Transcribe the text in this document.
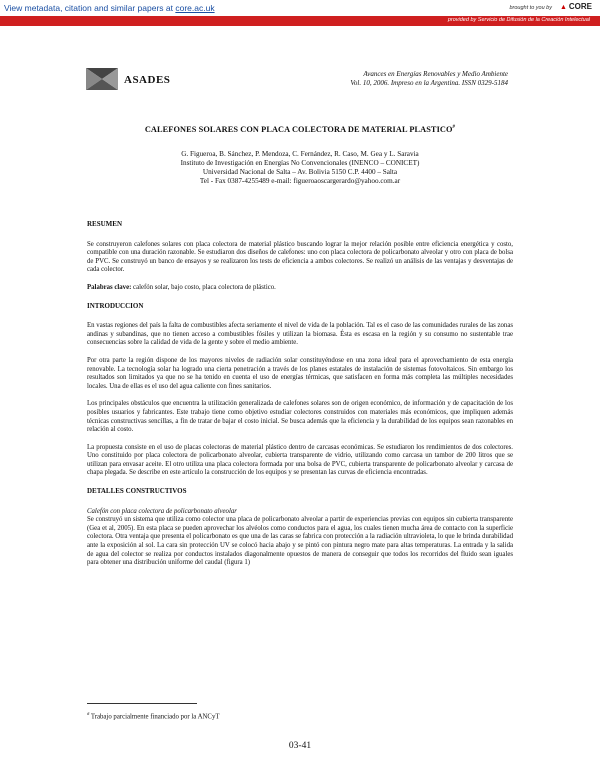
View metadata, citation and similar papers at core.ac.uk	brought to you by ▲ CORE
provided by Servicio de Difusión de la Creación Intelectual
ASADES	Avances en Energías Renovables y Medio Ambiente
Vol. 10, 2006. Impreso en la Argentina. ISSN 0329-5184
CALEFONES SOLARES CON PLACA COLECTORA DE MATERIAL PLASTICO#
G. Figueroa, B. Sánchez, P. Mendoza, C. Fernández, R. Caso, M. Gea y L. Saravia
Instituto de Investigación en Energías No Convencionales (INENCO – CONICET)
Universidad Nacional de Salta – Av. Bolivia 5150 C.P. 4400 – Salta
Tel - Fax 0387-4255489 e-mail: figueroaoscargerardo@yahoo.com.ar
RESUMEN

Se construyeron calefones solares con placa colectora de material plástico buscando lograr la mejor relación posible entre eficiencia energética y costo, compatible con una duración razonable. Se estudiaron dos diseños de calefones: uno con placa colectora de policarbonato alveolar y otro con placa de bolsa de PVC. Se construyó un banco de ensayos y se realizaron los tests de eficiencia a ambos colectores. Se realizó un análisis de las ventajas y desventajas de cada colector.

Palabras clave: calefón solar, bajo costo, placa colectora de plástico.

INTRODUCCION

En vastas regiones del país la falta de combustibles afecta seriamente el nivel de vida de la población. Tal es el caso de las comunidades rurales de las zonas andinas y subandinas, que no tienen acceso a combustibles fósiles y utilizan la biomasa. Ésta es escasa en la región y su consumo no sustentable trae consecuencias sobre la calidad de vida de la gente y sobre el medio ambiente.

Por otra parte la región dispone de los mayores niveles de radiación solar constituyéndose en una zona ideal para el aprovechamiento de esta energía renovable. La tecnología solar ha logrado una cierta penetración a través de los planes estatales de instalación de sistemas fotovoltaicos. Sin embargo los resultados son limitados ya que no se ha tenido en cuenta el uso de energías térmicas, que satisfacen en forma más completa las múltiples necesidades locales. Una de ellas es el uso del agua caliente con fines sanitarios.

Los principales obstáculos que encuentra la utilización generalizada de calefones solares son de origen económico, de información y de capacitación de los posibles usuarios y fabricantes. Este trabajo tiene como objetivo estudiar colectores construidos con materiales más económicos, que impliquen además técnicas constructivas sencillas, a fin de tratar de bajar el costo inicial. Se busca además que la eficiencia y la durabilidad de los equipos sean razonables en relación al costo.

La propuesta consiste en el uso de placas colectoras de material plástico dentro de carcasas económicas. Se estudiaron los rendimientos de dos colectores. Uno constituido por placa colectora de policarbonato alveolar, cubierta transparente de vidrio, utilizando como carcasa un tambor de 200 litros que se utilizan para envasar aceite. El otro utiliza una placa colectora formada por una bolsa de PVC, cubierta transparente de policarbonato alveolar y carcasa de chapa plegada. Se describe en este artículo la construcción de los equipos y se presentan las curvas de eficiencia encontradas.

DETALLES CONSTRUCTIVOS

Calefón con placa colectora de policarbonato alveolar

Se construyó un sistema que utiliza como colector una placa de policarbonato alveolar a partir de experiencias previas con equipos sin cubierta transparente (Gea et al, 2005). En esta placa se pueden aprovechar los alvéolos como conductos para el agua, los cuales tienen mucha área de contacto con la superficie colectora. Otra ventaja que presenta el policarbonato es que una de las caras se fabrica con protección a la radiación ultravioleta, lo que le brinda durabilidad ante la exposición al sol. La cara sin protección UV se colocó hacia abajo y se pintó con pintura negro mate para altas temperaturas. La entrada y la salida de agua del colector se realiza por conductos instalados diagonalmente opuestos de manera de conseguir que todos los recorridos del fluido sean iguales para obtener una distribución uniforme del caudal (figura 1)

# Trabajo parcialmente financiado por la ANCyT
03-41
